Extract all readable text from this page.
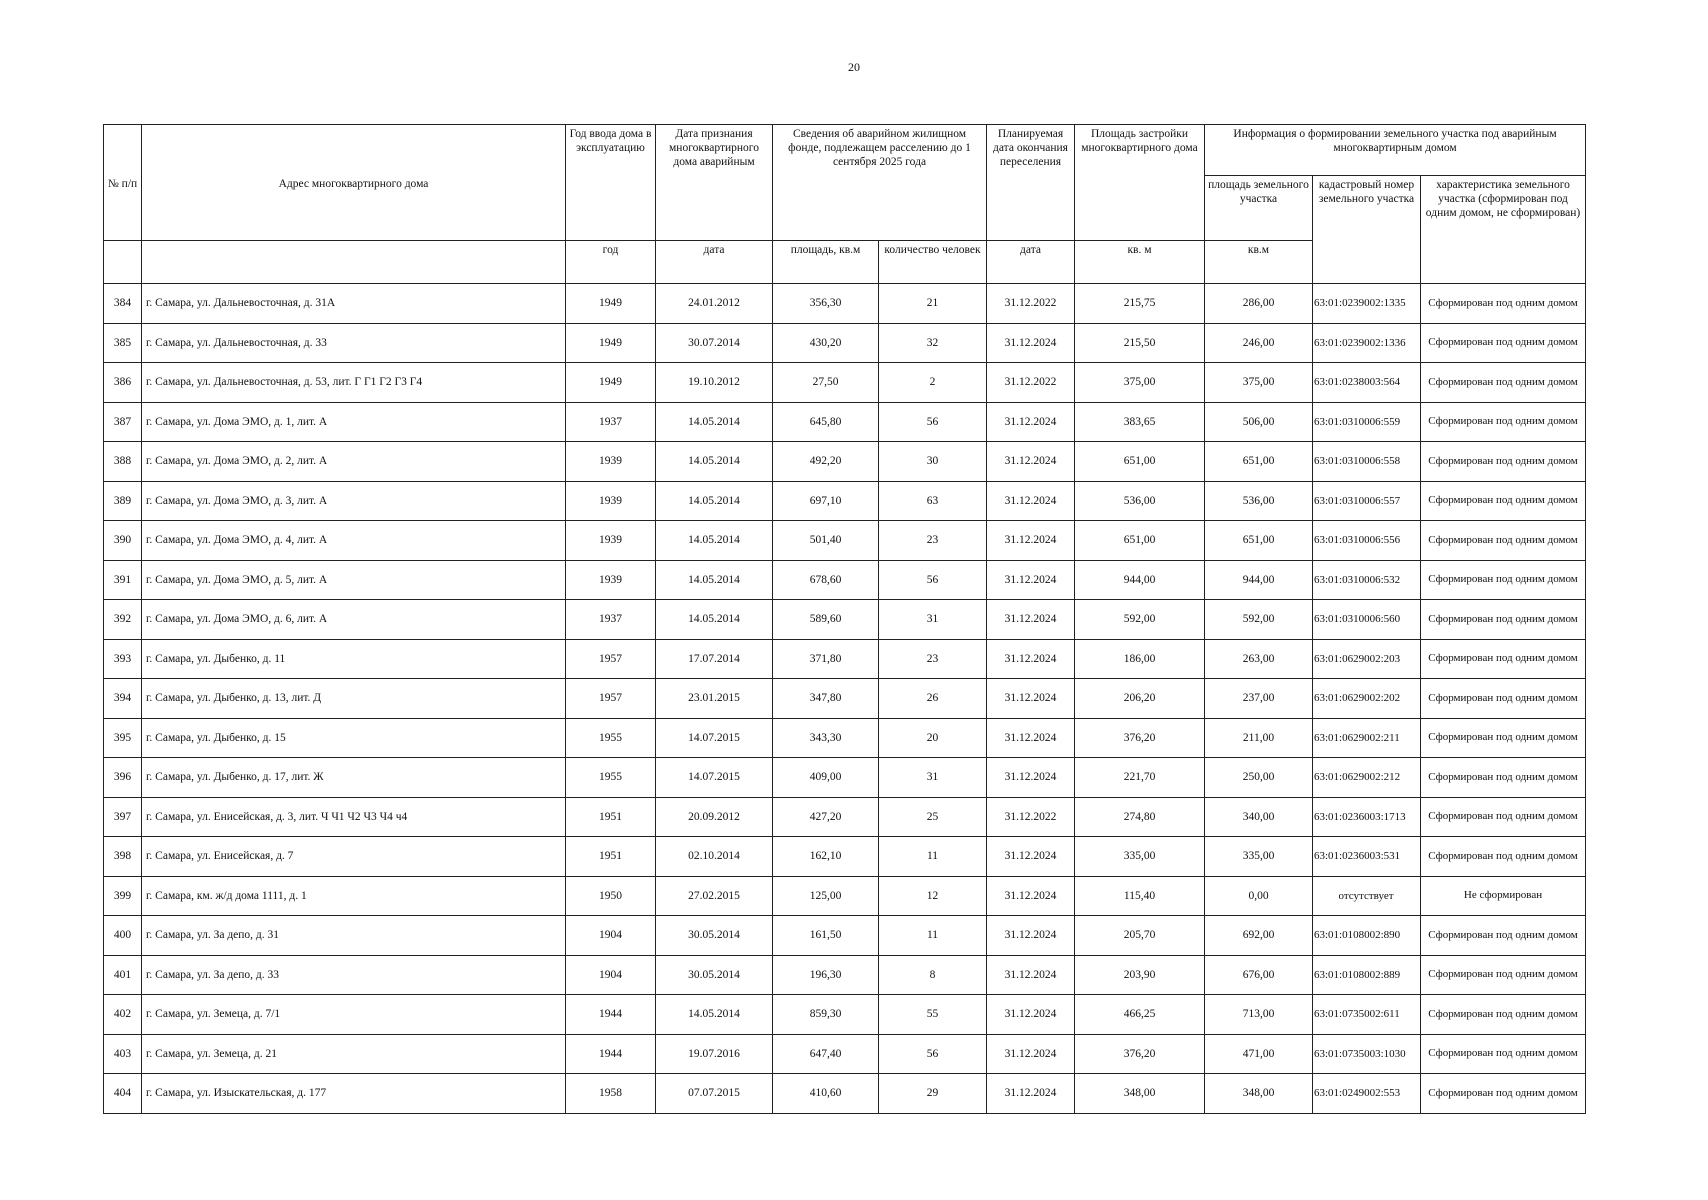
20
№ п/п	Адрес многоквартирного дома	Год ввода дома в эксплуатацию	Дата признания многоквартирного дома аварийным	Сведения об аварийном жилищном фонде, подлежащем расселению до 1 сентября 2025 года		Планируемая дата окончания переселения	Площадь застройки многоквартирного дома	Информация о формировании земельного участка под аварийным многоквартирным домом		
								площадь земельного участка	кадастровый номер земельного участка	характеристика земельного участка (сформирован под одним домом, не сформирован)
		год	дата	площадь, кв.м	количество человек	дата	кв. м	кв.м		
384	г. Самара, ул. Дальневосточная, д. 31А	1949	24.01.2012	356,30	21	31.12.2022	215,75	286,00	63:01:0239002:1335	Сформирован под одним домом
385	г. Самара, ул. Дальневосточная, д. 33	1949	30.07.2014	430,20	32	31.12.2024	215,50	246,00	63:01:0239002:1336	Сформирован под одним домом
386	г. Самара, ул. Дальневосточная, д. 53, лит. Г Г1 Г2 Г3 Г4	1949	19.10.2012	27,50	2	31.12.2022	375,00	375,00	63:01:0238003:564	Сформирован под одним домом
387	г. Самара, ул. Дома ЭМО, д. 1, лит. А	1937	14.05.2014	645,80	56	31.12.2024	383,65	506,00	63:01:0310006:559	Сформирован под одним домом
388	г. Самара, ул. Дома ЭМО, д. 2, лит. А	1939	14.05.2014	492,20	30	31.12.2024	651,00	651,00	63:01:0310006:558	Сформирован под одним домом
389	г. Самара, ул. Дома ЭМО, д. 3, лит. А	1939	14.05.2014	697,10	63	31.12.2024	536,00	536,00	63:01:0310006:557	Сформирован под одним домом
390	г. Самара, ул. Дома ЭМО, д. 4, лит. А	1939	14.05.2014	501,40	23	31.12.2024	651,00	651,00	63:01:0310006:556	Сформирован под одним домом
391	г. Самара, ул. Дома ЭМО, д. 5, лит. А	1939	14.05.2014	678,60	56	31.12.2024	944,00	944,00	63:01:0310006:532	Сформирован под одним домом
392	г. Самара, ул. Дома ЭМО, д. 6, лит. А	1937	14.05.2014	589,60	31	31.12.2024	592,00	592,00	63:01:0310006:560	Сформирован под одним домом
393	г. Самара, ул. Дыбенко, д. 11	1957	17.07.2014	371,80	23	31.12.2024	186,00	263,00	63:01:0629002:203	Сформирован под одним домом
394	г. Самара, ул. Дыбенко, д. 13, лит. Д	1957	23.01.2015	347,80	26	31.12.2024	206,20	237,00	63:01:0629002:202	Сформирован под одним домом
395	г. Самара, ул. Дыбенко, д. 15	1955	14.07.2015	343,30	20	31.12.2024	376,20	211,00	63:01:0629002:211	Сформирован под одним домом
396	г. Самара, ул. Дыбенко, д. 17, лит. Ж	1955	14.07.2015	409,00	31	31.12.2024	221,70	250,00	63:01:0629002:212	Сформирован под одним домом
397	г. Самара, ул. Енисейская, д. 3, лит. Ч Ч1 Ч2 Ч3 Ч4 ч4	1951	20.09.2012	427,20	25	31.12.2022	274,80	340,00	63:01:0236003:1713	Сформирован под одним домом
398	г. Самара, ул. Енисейская, д. 7	1951	02.10.2014	162,10	11	31.12.2024	335,00	335,00	63:01:0236003:531	Сформирован под одним домом
399	г. Самара, км. ж/д дома 1111, д. 1	1950	27.02.2015	125,00	12	31.12.2024	115,40	0,00	отсутствует	Не сформирован
400	г. Самара, ул. За депо, д. 31	1904	30.05.2014	161,50	11	31.12.2024	205,70	692,00	63:01:0108002:890	Сформирован под одним домом
401	г. Самара, ул. За депо, д. 33	1904	30.05.2014	196,30	8	31.12.2024	203,90	676,00	63:01:0108002:889	Сформирован под одним домом
402	г. Самара, ул. Земеца, д. 7/1	1944	14.05.2014	859,30	55	31.12.2024	466,25	713,00	63:01:0735002:611	Сформирован под одним домом
403	г. Самара, ул. Земеца, д. 21	1944	19.07.2016	647,40	56	31.12.2024	376,20	471,00	63:01:0735003:1030	Сформирован под одним домом
404	г. Самара, ул. Изыскательская, д. 177	1958	07.07.2015	410,60	29	31.12.2024	348,00	348,00	63:01:0249002:553	Сформирован под одним домом
